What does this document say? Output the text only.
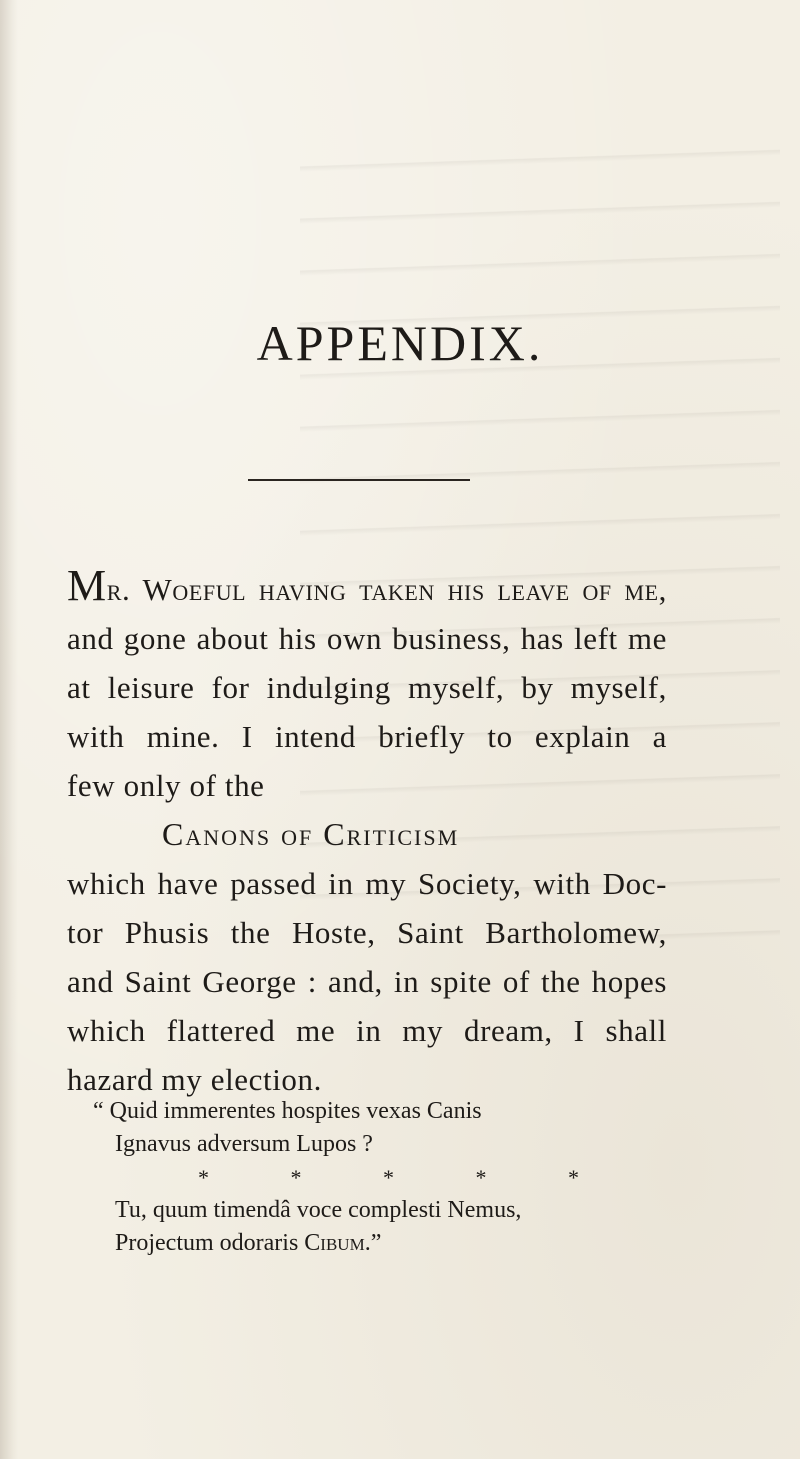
APPENDIX.
Mr. Woeful having taken his leave of me,
and gone about his own business, has left me
at leisure for indulging myself, by myself,
with mine. I intend briefly to explain a
few only of the
Canons of Criticism
which have passed in my Society, with Doc-
tor Phusis the Hoste, Saint Bartholomew,
and Saint George : and, in spite of the hopes
which flattered me in my dream, I shall
hazard my election.
“ Quid immerentes hospites vexas Canis
Ignavus adversum Lupos ?
* * * * *
Tu, quum timendâ voce complesti Nemus,
Projectum odoraris Cibum.”
